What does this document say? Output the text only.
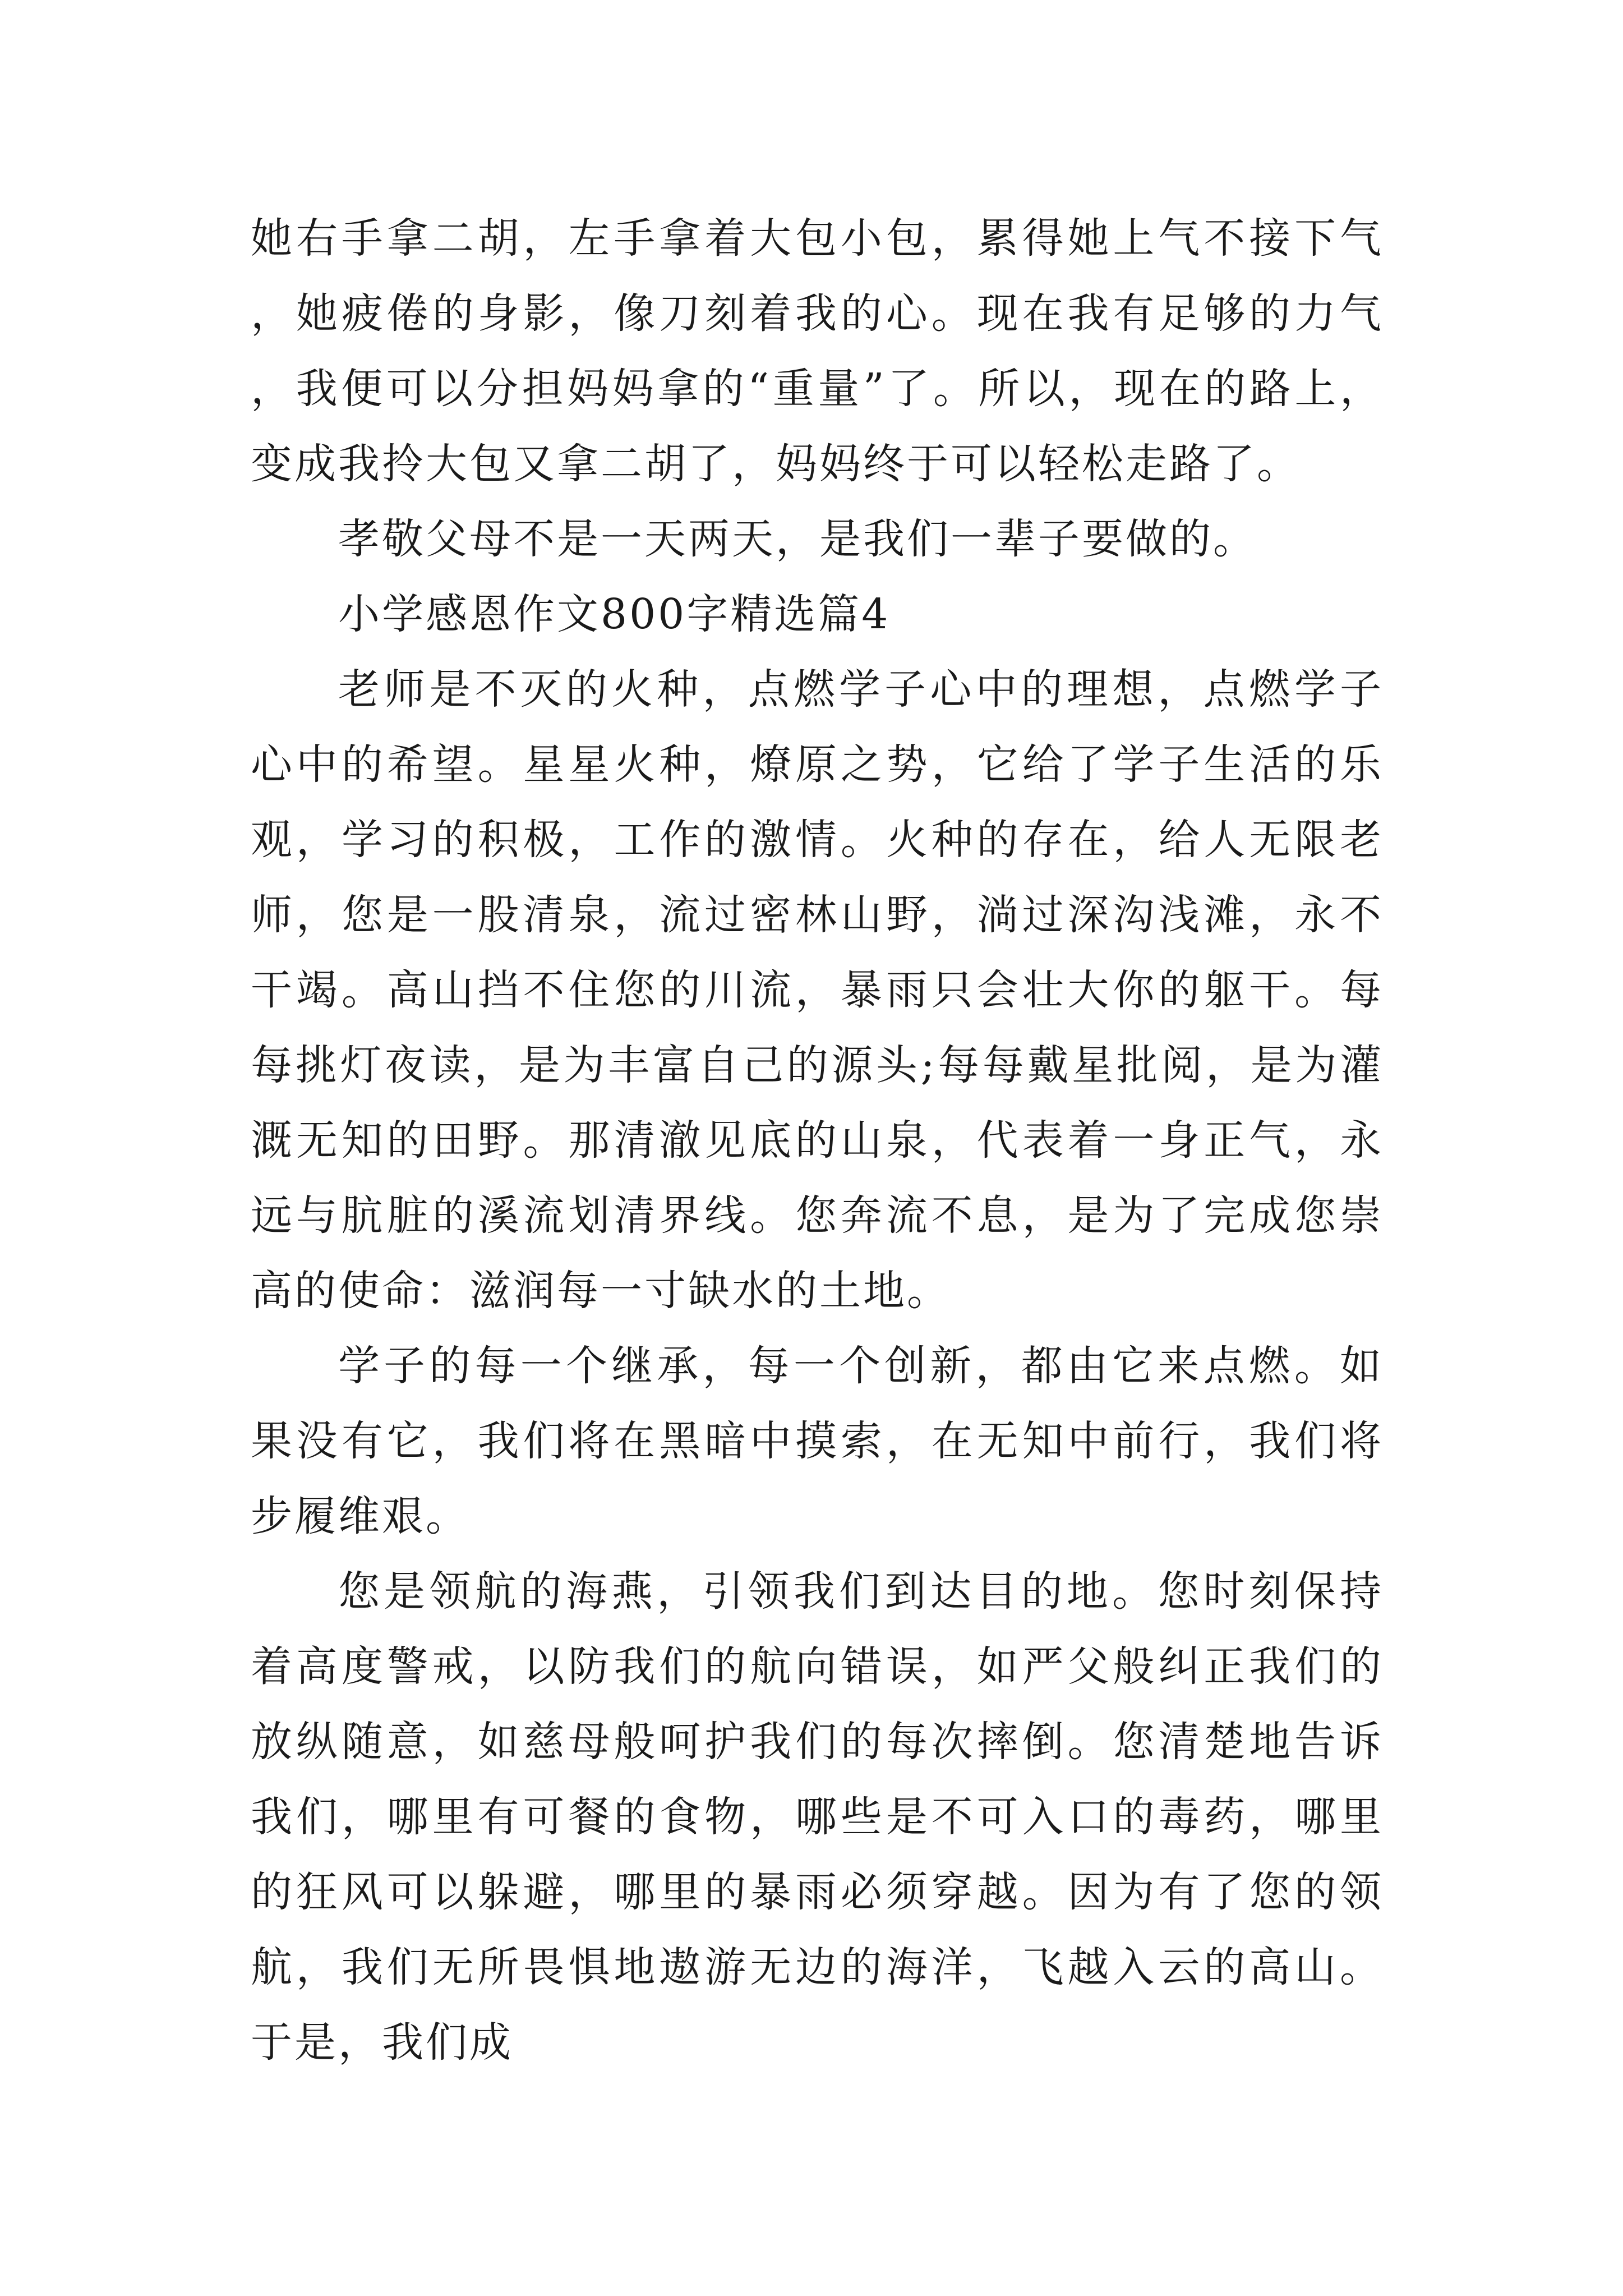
她右手拿二胡，左手拿着大包小包，累得她上气不接下气，她疲倦的身影，像刀刻着我的心。现在我有足够的力气，我便可以分担妈妈拿的“重量”了。所以，现在的路上，变成我拎大包又拿二胡了，妈妈终于可以轻松走路了。

孝敬父母不是一天两天，是我们一辈子要做的。

小学感恩作文800字精选篇4

老师是不灭的火种，点燃学子心中的理想，点燃学子心中的希望。星星火种，燎原之势，它给了学子生活的乐观，学习的积极，工作的激情。火种的存在，给人无限老师，您是一股清泉，流过密林山野，淌过深沟浅滩，永不干竭。高山挡不住您的川流，暴雨只会壮大你的躯干。每每挑灯夜读，是为丰富自己的源头;每每戴星批阅，是为灌溉无知的田野。那清澈见底的山泉，代表着一身正气，永远与肮脏的溪流划清界线。您奔流不息，是为了完成您崇高的使命：滋润每一寸缺水的土地。

学子的每一个继承，每一个创新，都由它来点燃。如果没有它，我们将在黑暗中摸索，在无知中前行，我们将步履维艰。

您是领航的海燕，引领我们到达目的地。您时刻保持着高度警戒，以防我们的航向错误，如严父般纠正我们的放纵随意，如慈母般呵护我们的每次摔倒。您清楚地告诉我们，哪里有可餐的食物，哪些是不可入口的毒药，哪里的狂风可以躲避，哪里的暴雨必须穿越。因为有了您的领航，我们无所畏惧地遨游无边的海洋，飞越入云的高山。于是，我们成
